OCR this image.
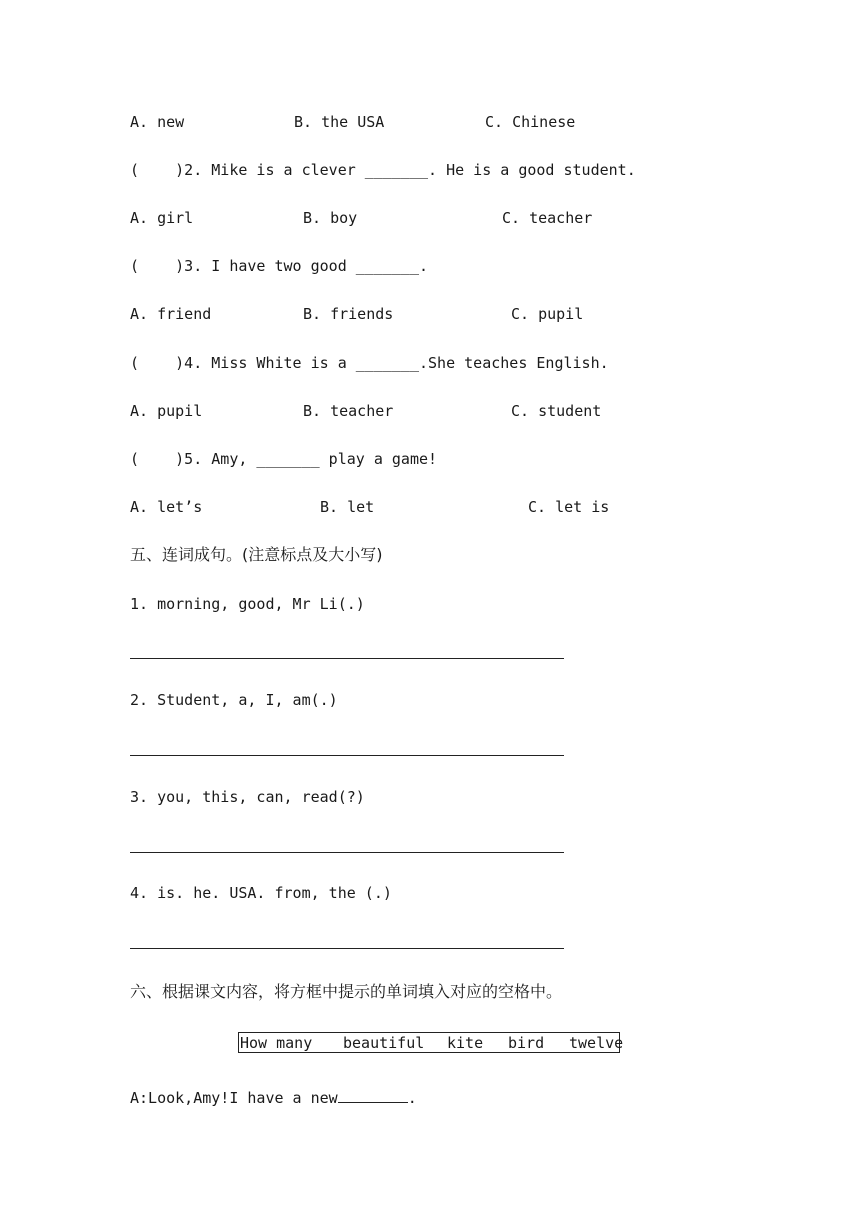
A. new	B. the USA	C. Chinese
(    )2. Mike is a clever _______. He is a good student.
A. girl	B. boy	C. teacher
(    )3. I have two good _______.
A. friend	B. friends	C. pupil
(    )4. Miss White is a _______.She teaches English.
A. pupil	B. teacher	C. student
(    )5. Amy, _______ play a game!
A. let’s	B. let	C. let is
五、连词成句。(注意标点及大小写)
1. morning, good, Mr Li(.)
2. Student, a, I, am(.)
3. you, this, can, read(?)
4. is. he. USA. from, the (.)
六、根据课文内容，将方框中提示的单词填入对应的空格中。
How many beautiful kite bird twelve
A:Look,Amy!I have a new	.
